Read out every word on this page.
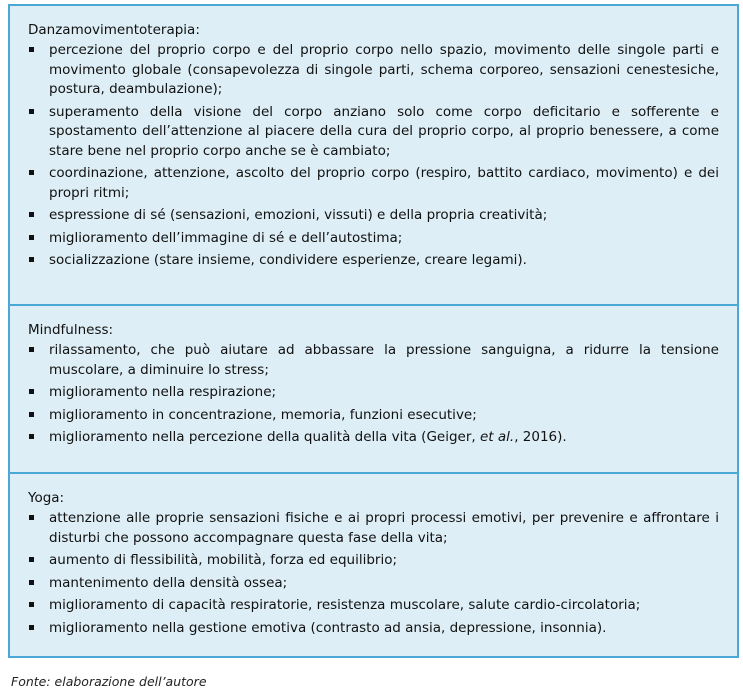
Danzamovimentoterapia:
percezione del proprio corpo e del proprio corpo nello spazio, movimento delle singole parti e movimento globale (consapevolezza di singole parti, schema corporeo, sensazioni cenestesiche, postura, deambulazione);
superamento della visione del corpo anziano solo come corpo deficitario e sofferente e spostamento dell’attenzione al piacere della cura del proprio corpo, al proprio benessere, a come stare bene nel proprio corpo anche se è cambiato;
coordinazione, attenzione, ascolto del proprio corpo (respiro, battito cardiaco, movimento) e dei propri ritmi;
espressione di sé (sensazioni, emozioni, vissuti) e della propria creatività;
miglioramento dell’immagine di sé e dell’autostima;
socializzazione (stare insieme, condividere esperienze, creare legami).
Mindfulness:
rilassamento, che può aiutare ad abbassare la pressione sanguigna, a ridurre la tensione muscolare, a diminuire lo stress;
miglioramento nella respirazione;
miglioramento in concentrazione, memoria, funzioni esecutive;
miglioramento nella percezione della qualità della vita (Geiger, et al., 2016).
Yoga:
attenzione alle proprie sensazioni fisiche e ai propri processi emotivi, per prevenire e affrontare i disturbi che possono accompagnare questa fase della vita;
aumento di flessibilità, mobilità, forza ed equilibrio;
mantenimento della densità ossea;
miglioramento di capacità respiratorie, resistenza muscolare, salute cardio-circolatoria;
miglioramento nella gestione emotiva (contrasto ad ansia, depressione, insonnia).
Fonte: elaborazione dell’autore
